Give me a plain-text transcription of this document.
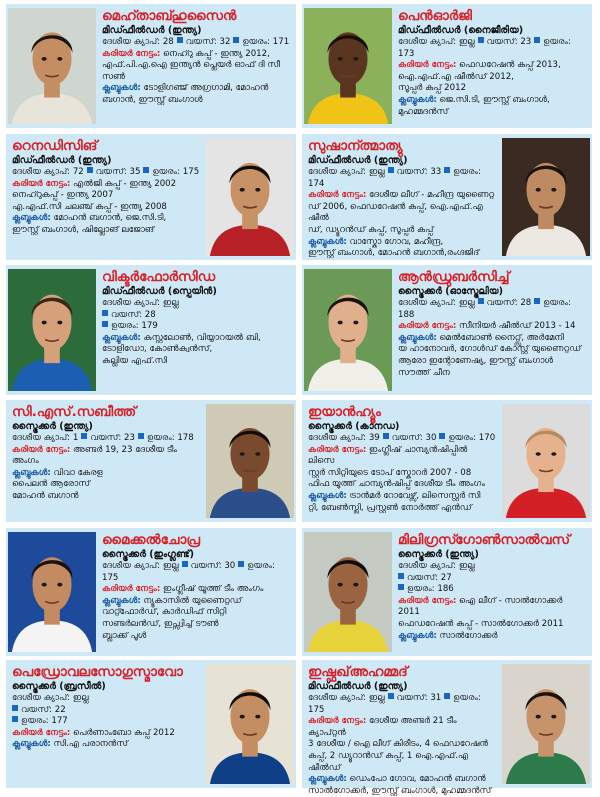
മെഹ്താബ്ഹുസൈൻ
മിഡ്ഫീൽഡർ (ഇന്ത്യ)
ദേശീയ ക്യാപ്: 28 വയസ്: 32 ഉയരം: 171
കരിയർ നേട്ടം: നെഹ്റു കപ്പ് - ഇന്ത്യ 2012,
എഫ്.പി.എ.ഐ ഇന്ത്യൻ പ്ലെയർ ഓഫ് ദി സീ
സൺ
ക്ലബ്ബുകൾ: ടോളിഗഞ്ജ് അഗ്രഗാമി, മോഹൻ
ബഗാൻ, ഈസ്റ്റ് ബംഗാൾ
പെൻഓർജി
മിഡ്ഫീൽഡർ (നൈജീരിയ)
ദേശീയ ക്യാപ്: ഇല്ല വയസ്: 23 ഉയരം: 173
കരിയർ നേട്ടം: ഫെഡറേഷൻ കപ്പ് 2013,
ഐ.എഫ്.എ ഷീൽഡ് 2012,
സൂപ്പർ കപ്പ് 2012
ക്ലബ്ബുകൾ: ജെ.സി.ടി, ഈസ്റ്റ് ബംഗാൾ,
മുഹമ്മദൻസ്
റെനഡിസിങ്
മിഡ്ഫീൽഡർ (ഇന്ത്യ)
ദേശീയ ക്യാപ്: 72 വയസ്: 35 ഉയരം: 175
കരിയർ നേട്ടം: എൽജി കപ്പ് - ഇന്ത്യ 2002
നെഹ്റുകപ്പ് - ഇന്ത്യ 2007
എ.എഫ്.സി ചലഞ്ച് കപ്പ് - ഇന്ത്യ 2008
ക്ലബ്ബുകൾ: മോഹൻ ബഗാൻ, ജെ.സി.ടി,
ഈസ്റ്റ് ബംഗാൾ, ഷില്ലോങ് ലജോങ്
സുഷാന്ത്മാത്യു
മിഡ്ഫീൽഡർ (ഇന്ത്യ)
ദേശീയ ക്യാപ്: ഇല്ല വയസ്: 33 ഉയരം: 174
കരിയർ നേട്ടം: ദേശീയ ലീഗ് - മഹീന്ദ്ര യുണൈറ്റ
ഡ് 2006, ഫെഡറേഷൻ കപ്പ്, ഐ.എഫ്.എ ഷീൽ
ഡ്, ഡ്യൂറൻഡ് കപ്പ്, സൂപ്പർ കപ്പ്
ക്ലബ്ബുകൾ: വാസ്കോ ഗോവ, മഹീന്ദ്ര,
ഈസ്റ്റ് ബംഗാൾ, മോഹൻ ബഗാൻ,രംഗ്ദജിദ്
വിക്ടർഫോർസിഡ
മിഡ്ഫീൽഡർ (സ്പെയിൻ)
ദേശീയ ക്യാപ്: ഇല്ല
വയസ്: 28
ഉയരം: 179
ക്ലബ്ബുകൾ: കസ്റ്റലോൺ, വിയ്യാറയൽ ബി,
ടോളിഡോ, കോൺക്വൻസ്,
കല്ലിയ എഫ്.സി
ആൻഡ്രുബർസിച്ച്
സ്ട്രൈക്കർ (ഓസ്ട്രേലിയ)
ദേശീയ ക്യാപ്: ഇല്ല വയസ്: 28 ഉയരം: 188
കരിയർ നേട്ടം: സീനിയർ ഷീൽഡ് 2013 - 14
ക്ലബ്ബുകൾ: മെൽബോൺ നൈറ്റ്സ്, അർമേനി
യ ഹാനോവർ, ഗോൾഡ് കോസ്റ്റ് യുണൈറ്റഡ്
ആരോ ഇന്റോണേഷ്യ, ഈസ്റ്റ് ബംഗാൾ
സൗത്ത് ചീന
സി.എസ്.സബീത്ത്
സ്ട്രൈക്കർ (ഇന്ത്യ)
ദേശീയ ക്യാപ്: 1 വയസ്: 23 ഉയരം: 178
കരിയർ നേട്ടം: അണ്ടർ 19, 23 ദേശീയ ടീം അംഗം
ക്ലബ്ബുകൾ: വിവാ കേരള
പൈലൻ ആരോസ്
മോഹൻ ബഗാൻ
ഇയാൻഹ്യൂം
സ്ട്രൈക്കർ (കാനഡ)
ദേശീയ ക്യാപ്: 39 വയസ്: 30 ഉയരം: 170
കരിയർ നേട്ടം: ഇംഗ്ലീഷ് ചാമ്പ്യൻഷിപ്പിൽ ലിസെ
സ്റ്റർ സിറ്റിയുടെ ടോപ് സ്കോറർ 2007 - 08
ഫിഫ യൂത്ത് ചാമ്പ്യൻഷിപ്പ് ദേശീയ ടീം അംഗം
ക്ലബ്ബുകൾ: ട്രാൻമർ റോവേഴ്സ്, ലിസെസ്റ്റർ സി
റ്റി, ബേൺസ്ലി, പ്രസ്റ്റൺ നോർത്ത് എൻഡ്
മൈക്കൽചോപ്ര
സ്ട്രൈക്കർ (ഇംഗ്ലണ്ട്)
ദേശീയ ക്യാപ്: ഇല്ല വയസ്: 30 ഉയരം: 175
കരിയർ നേട്ടം: ഇംഗ്ലീഷ് യൂത്ത് ടീം അംഗം
ക്ലബ്ബുകൾ: ന്യൂകാസിൽ യുണൈറ്റഡ്
വാറ്റ്ഫോർഡ്, കാർഡിഫ് സിറ്റി
സണ്ടർലൻഡ്, ഇപ്സ്വിച്ച് ടൗൺ
ബ്ലാക്ക് പൂൾ
മിലിഗ്രസ്ഗോൺസാൽവസ്
സ്ട്രൈക്കർ (ഇന്ത്യ)
ദേശീയ ക്യാപ്: ഇല്ല
വയസ്: 27
ഉയരം: 186
കരിയർ നേട്ടം: ഐ ലീഗ് - സാൽഗോക്കർ 2011
ഫെഡറേഷൻ കപ്പ് - സാൽഗോക്കർ 2011
ക്ലബ്ബുകൾ: സാൽഗോക്കർ
പെഡ്രോവലസോഗുസ്മാവോ
സ്ട്രൈക്കർ (ബ്രസീൽ)
ദേശീയ ക്യാപ്: ഇല്ല
വയസ്: 22
ഉയരം: 177
കരിയർ നേട്ടം: പെർണാംബോ കപ്പ് 2012
ക്ലബ്ബുകൾ: സി.എ പരാനൻസ്
ഇഷ്ഫഖ്അഹമ്മദ്
മിഡ്ഫീൽഡർ (ഇന്ത്യ)
ദേശീയ ക്യാപ്: ഇല്ല വയസ്: 31 ഉയരം: 175
കരിയർ നേട്ടം: ദേശീയ അണ്ടർ 21 ടീം ക്യാപ്റ്റൻ
3 ദേശീയ / ഐ ലീഗ് കിരീടം, 4 ഫെഡറേഷൻ
കപ്പ്, 2 ഡ്യൂറാൻഡ് കപ്പ്, 1 ഐ.എഫ്.എ ഷീൽഡ്
ക്ലബ്ബുകൾ: ഡെംപോ ഗോവ, മോഹൻ ബഗാൻ
സാൽഗോക്കർ, ഈസ്റ്റ് ബംഗാൾ, മുഹമ്മദൻസ്
